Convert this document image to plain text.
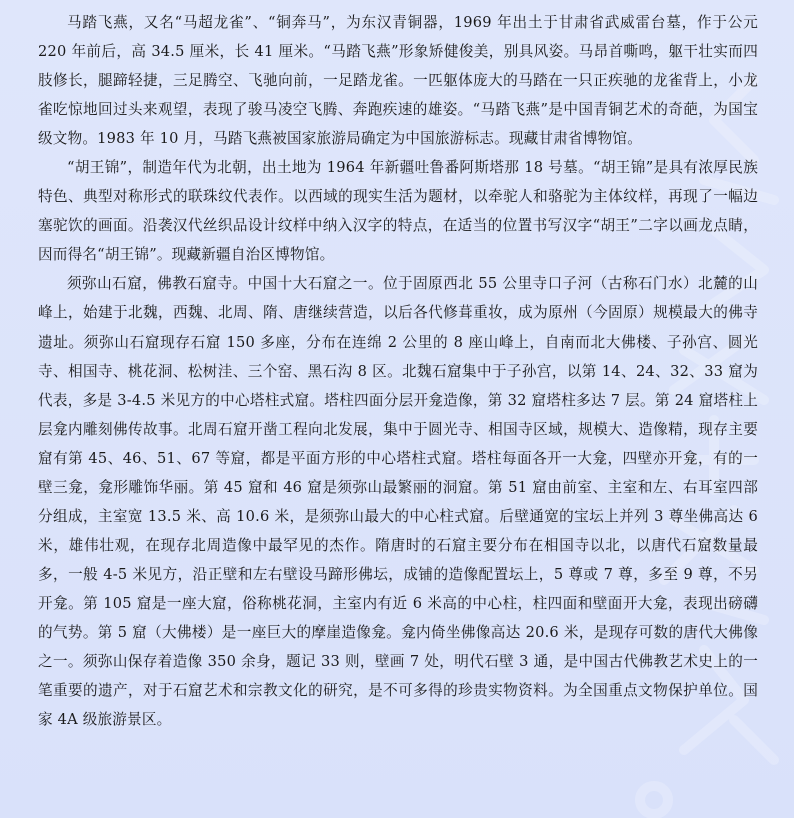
马踏飞燕，又名“马超龙雀”、“铜奔马”，为东汉青铜器，1969 年出土于甘肃省武威雷台墓，作于公元 220 年前后，高 34.5 厘米，长 41 厘米。“马踏飞燕”形象矫健俊美，别具风姿。马昂首嘶鸣，躯干壮实而四肢修长，腿蹄轻捷，三足腾空、飞驰向前，一足踏龙雀。一匹躯体庞大的马踏在一只正疾驰的龙雀背上，小龙雀吃惊地回过头来观望，表现了骏马凌空飞腾、奔跑疾速的雄姿。“马踏飞燕”是中国青铜艺术的奇葩，为国宝级文物。1983 年 10 月，马踏飞燕被国家旅游局确定为中国旅游标志。现藏甘肃省博物馆。

“胡王锦”，制造年代为北朝，出土地为 1964 年新疆吐鲁番阿斯塔那 18 号墓。“胡王锦”是具有浓厚民族特色、典型对称形式的联珠纹代表作。以西域的现实生活为题材，以牵驼人和骆驼为主体纹样，再现了一幅边塞驼饮的画面。沿袭汉代丝织品设计纹样中纳入汉字的特点，在适当的位置书写汉字“胡王”二字以画龙点睛，因而得名“胡王锦”。现藏新疆自治区博物馆。

须弥山石窟，佛教石窟寺。中国十大石窟之一。位于固原西北 55 公里寺口子河（古称石门水）北麓的山峰上，始建于北魏，西魏、北周、隋、唐继续营造，以后各代修葺重妆，成为原州（今固原）规模最大的佛寺遗址。须弥山石窟现存石窟 150 多座，分布在连绵 2 公里的 8 座山峰上，自南而北大佛楼、子孙宫、圆光寺、相国寺、桃花洞、松树洼、三个窑、黑石沟 8 区。北魏石窟集中于子孙宫，以第 14、24、32、33 窟为代表，多是 3-4.5 米见方的中心塔柱式窟。塔柱四面分层开龛造像，第 32 窟塔柱多达 7 层。第 24 窟塔柱上层龛内雕刻佛传故事。北周石窟开凿工程向北发展，集中于圆光寺、相国寺区域，规模大、造像精，现存主要窟有第 45、46、51、67 等窟，都是平面方形的中心塔柱式窟。塔柱每面各开一大龛，四壁亦开龛，有的一壁三龛，龛形雕饰华丽。第 45 窟和 46 窟是须弥山最繁丽的洞窟。第 51 窟由前室、主室和左、右耳室四部分组成，主室宽 13.5 米、高 10.6 米，是须弥山最大的中心柱式窟。后壁通宽的宝坛上并列 3 尊坐佛高达 6 米，雄伟壮观，在现存北周造像中最罕见的杰作。隋唐时的石窟主要分布在相国寺以北，以唐代石窟数量最多，一般 4-5 米见方，沿正壁和左右壁设马蹄形佛坛，成铺的造像配置坛上，5 尊或 7 尊，多至 9 尊，不另开龛。第 105 窟是一座大窟，俗称桃花洞，主室内有近 6 米高的中心柱，柱四面和壁面开大龛，表现出磅礴的气势。第 5 窟（大佛楼）是一座巨大的摩崖造像龛。龛内倚坐佛像高达 20.6 米，是现存可数的唐代大佛像之一。须弥山保存着造像 350 余身，题记 33 则，壁画 7 处，明代石壁 3 通，是中国古代佛教艺术史上的一笔重要的遗产，对于石窟艺术和宗教文化的研究，是不可多得的珍贵实物资料。为全国重点文物保护单位。国家 4A 级旅游景区。
